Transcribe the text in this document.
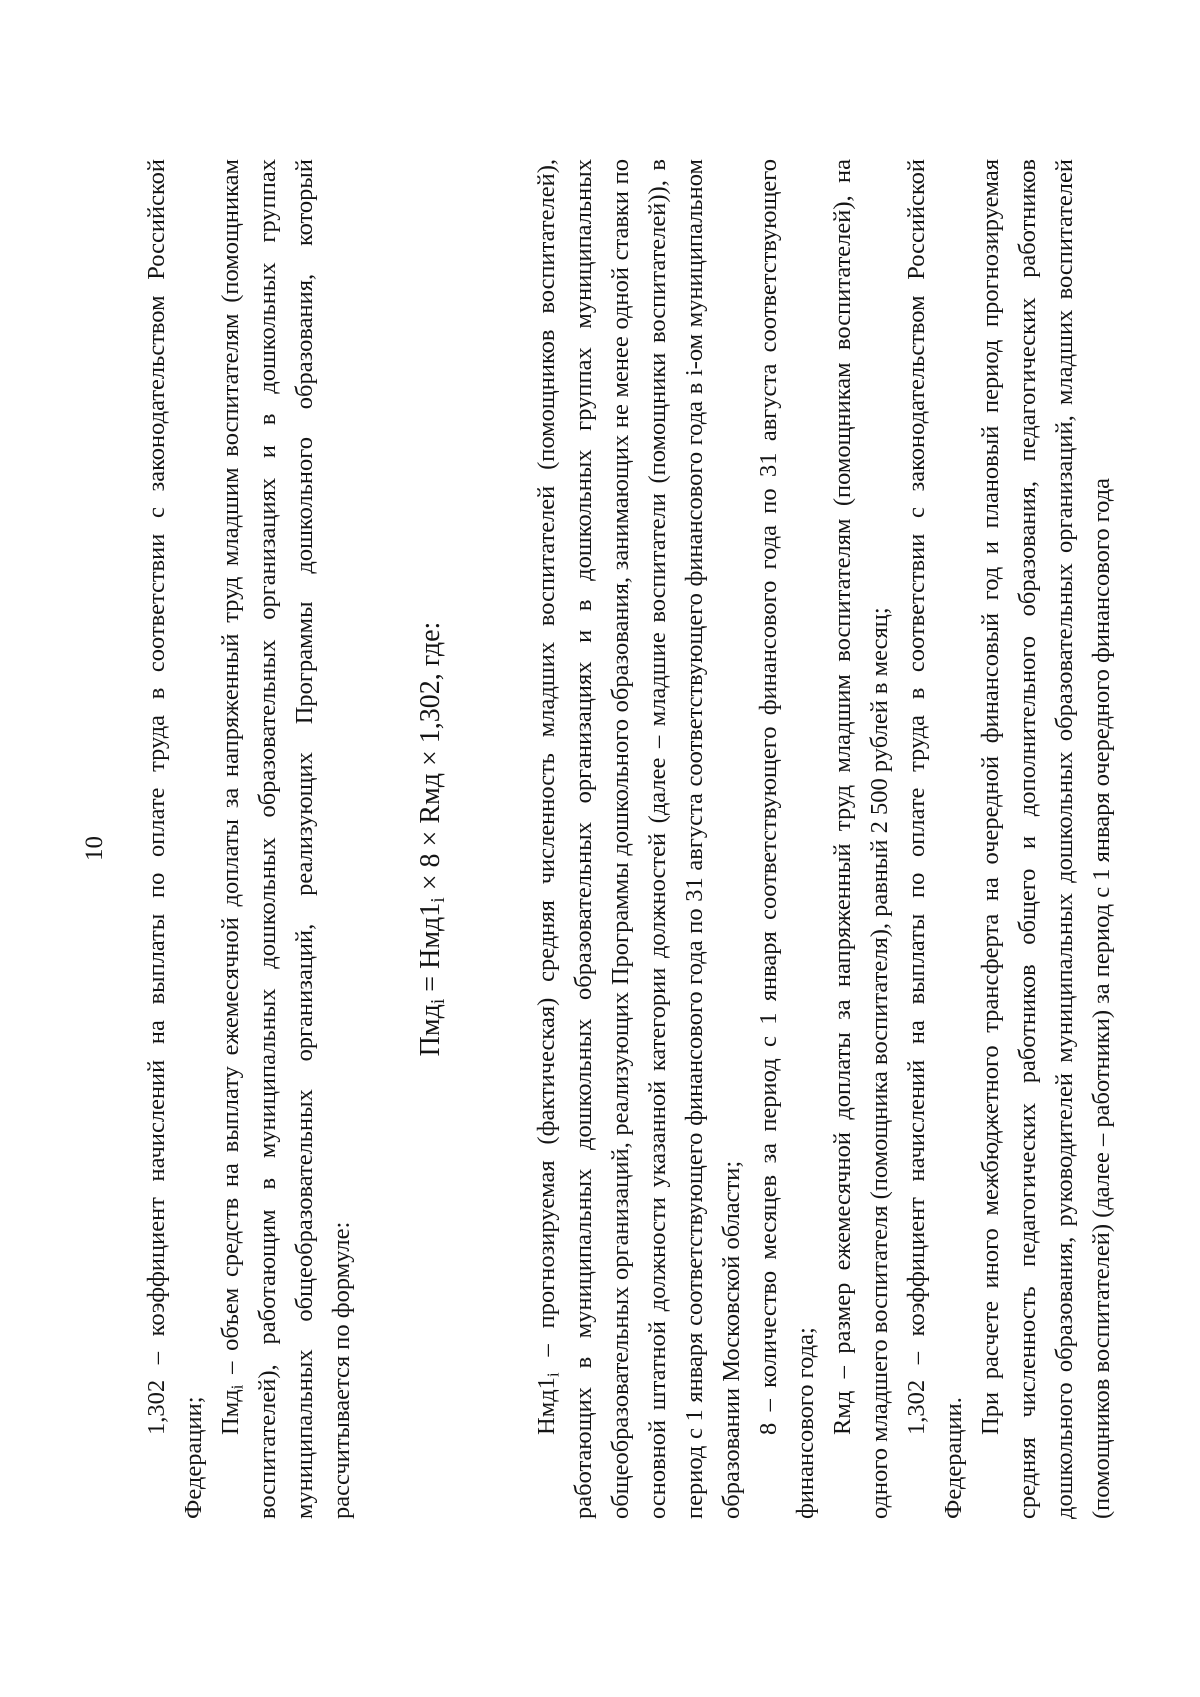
10 1,302 – коэффициент начислений на выплаты по оплате труда в соответствии с законодательством Российской Федерации; Пмд$_i$ – объем средств на выплату ежемесячной доплаты за напряженный труд младшим воспитателям (помощникам воспитателей), работающим в муниципальных дошкольных образовательных организациях и в дошкольных группах муниципальных общеобразовательных организаций, реализующих Программы дошкольного образования, который рассчитывается по формуле:

$Пмд_i = Нмд1_i \times 8$ × Rмд × 1,302, где:

$Нмд1_i$ – прогнозируемая (фактическая) средняя численность младших воспитателей (помощников воспитателей), работающих в муниципальных дошкольных образовательных организациях и в дошкольных группах муниципальных общеобразовательных организаций, реализующих Программы дошкольного образования, занимающих не менее одной ставки по основной штатной должности указанной категории должностей (далее – младшие воспитатели (помощники воспитателей)), в период с 1 января соответствующего финансового года по 31 августа соответствующего финансового года в i-ом муниципальном образовании Московской области; 8 – количество месяцев за период с 1 января соответствующего финансового года по 31 августа соответствующего финансового года; Rмд – размер ежемесячной доплаты за напряженный труд младшим воспитателям (помощникам воспитателей), на одного младшего воспитателя (помощника воспитателя), равный 2 500 рублей в месяц; 1,302 – коэффициент начислений на выплаты по оплате труда в соответствии с законодательством Российской Федерации.

При расчете иного межбюджетного трансферта на очередной финансовый год и плановый период прогнозируемая средняя численность педагогических работников общего и дополнительного образования, педагогических работников дошкольного образования, руководителей муниципальных дошкольных образовательных организаций, младших воспитателей (помощников воспитателей) (далее – работники) за период с 1 января очередного финансового года
